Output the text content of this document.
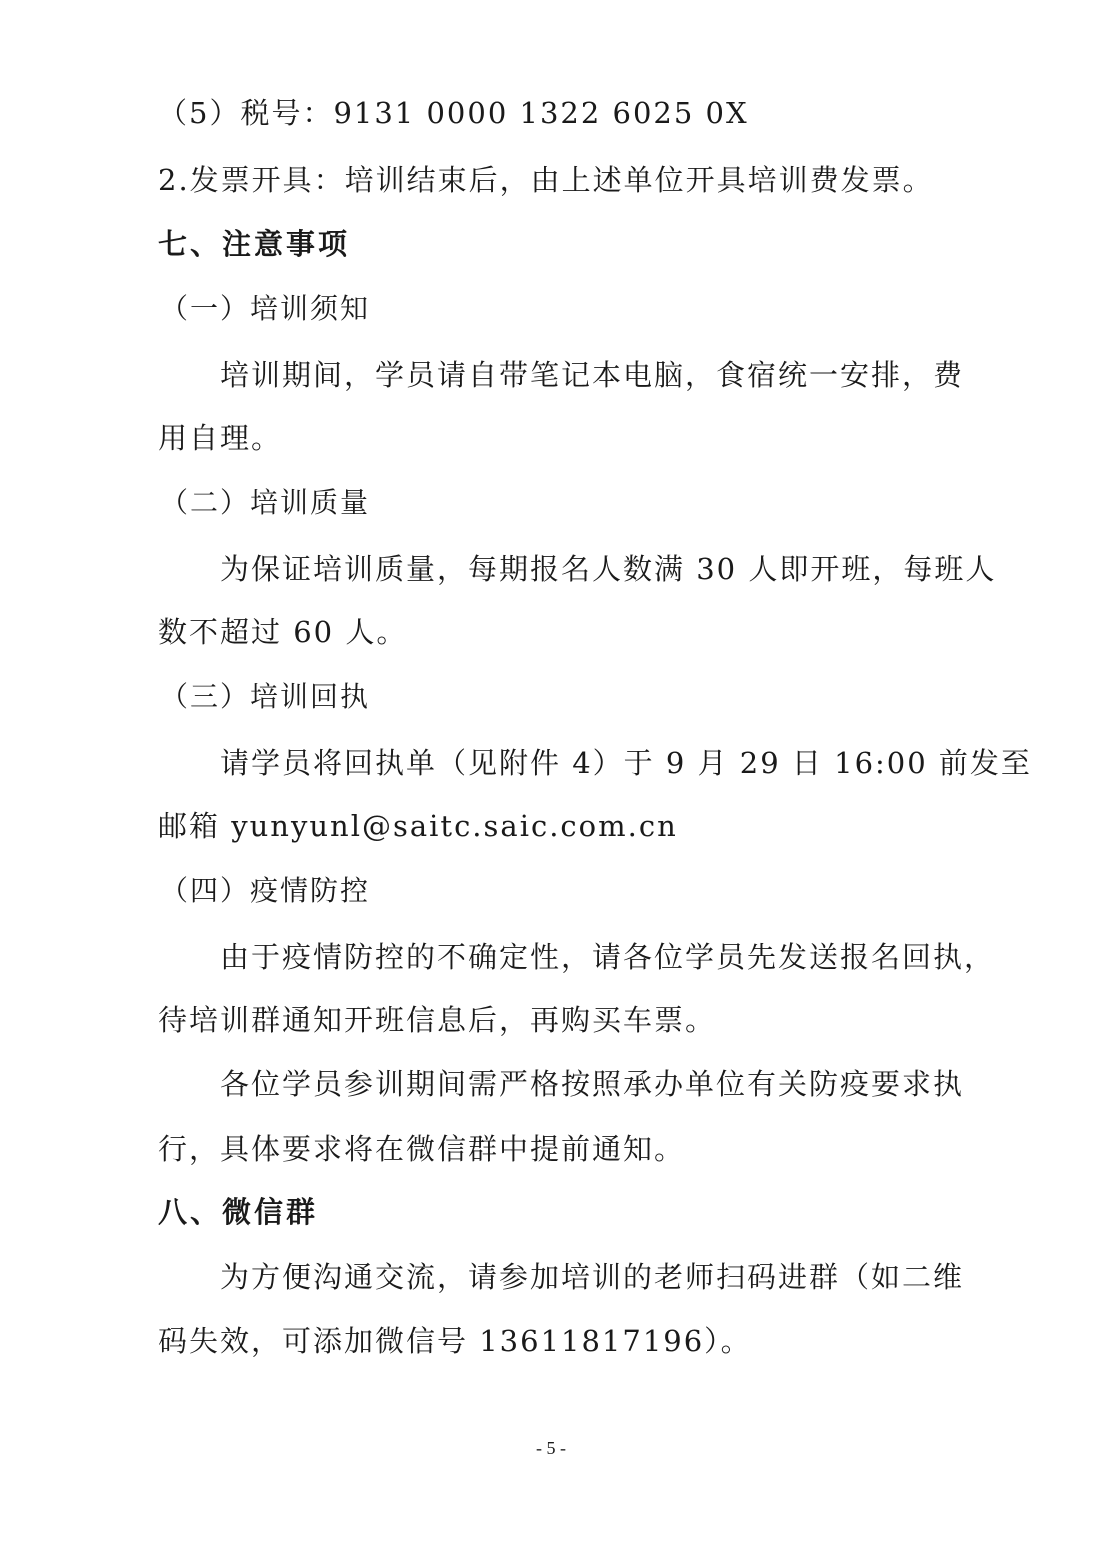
（5）税号：9131 0000 1322 6025 0X
2.发票开具：培训结束后，由上述单位开具培训费发票。
七、注意事项
（一）培训须知
培训期间，学员请自带笔记本电脑，食宿统一安排，费
用自理。
（二）培训质量
为保证培训质量，每期报名人数满 30 人即开班，每班人
数不超过 60 人。
（三）培训回执
请学员将回执单（见附件 4）于 9 月 29 日 16:00 前发至
邮箱 yunyunl@saitc.saic.com.cn
（四）疫情防控
由于疫情防控的不确定性，请各位学员先发送报名回执，
待培训群通知开班信息后，再购买车票。
各位学员参训期间需严格按照承办单位有关防疫要求执
行，具体要求将在微信群中提前通知。
八、微信群
为方便沟通交流，请参加培训的老师扫码进群（如二维
码失效，可添加微信号 13611817196）。
- 5 -
